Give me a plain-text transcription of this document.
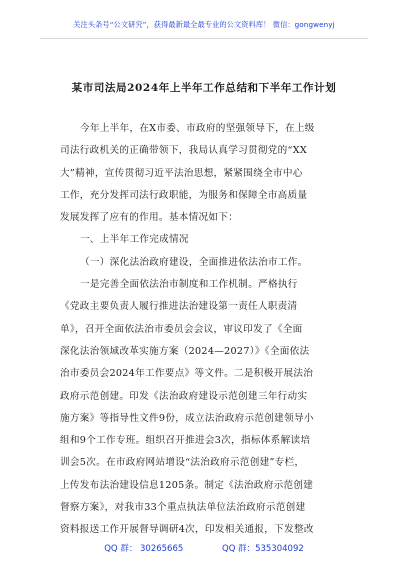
关注头条号“公文研究”，获得最新最全最专业的公文资料库！ 微信：gongwenyj
某市司法局2024年上半年工作总结和下半年工作计划
今年上半年，在X市委、市政府的坚强领导下，在上级
司法行政机关的正确带领下，我局认真学习贯彻党的“XX
大”精神，宣传贯彻习近平法治思想，紧紧围绕全市中心
工作，充分发挥司法行政职能，为服务和保障全市高质量
发展发挥了应有的作用。基本情况如下：
一、上半年工作完成情况
（一）深化法治政府建设，全面推进依法治市工作。
一是完善全面依法治市制度和工作机制。严格执行
《党政主要负责人履行推进法治建设第一责任人职责清
单》，召开全面依法治市委员会会议，审议印发了《全面
深化法治领域改革实施方案（2024—2027）》《全面依法
治市委员会2024年工作要点》等文件。二是积极开展法治
政府示范创建。印发《法治政府建设示范创建三年行动实
施方案》等指导性文件9份，成立法治政府示范创建领导小
组和9个工作专班。组织召开推进会3次，指标体系解读培
训会5次。在市政府网站增设“法治政府示范创建”专栏，
上传发布法治建设信息1205条。制定《法治政府示范创建
督察方案》，对我市33个重点执法单位法治政府示范创建
资料报送工作开展督导调研4次，印发相关通报，下发整改
QQ 群： 30265665	QQ 群：535304092
